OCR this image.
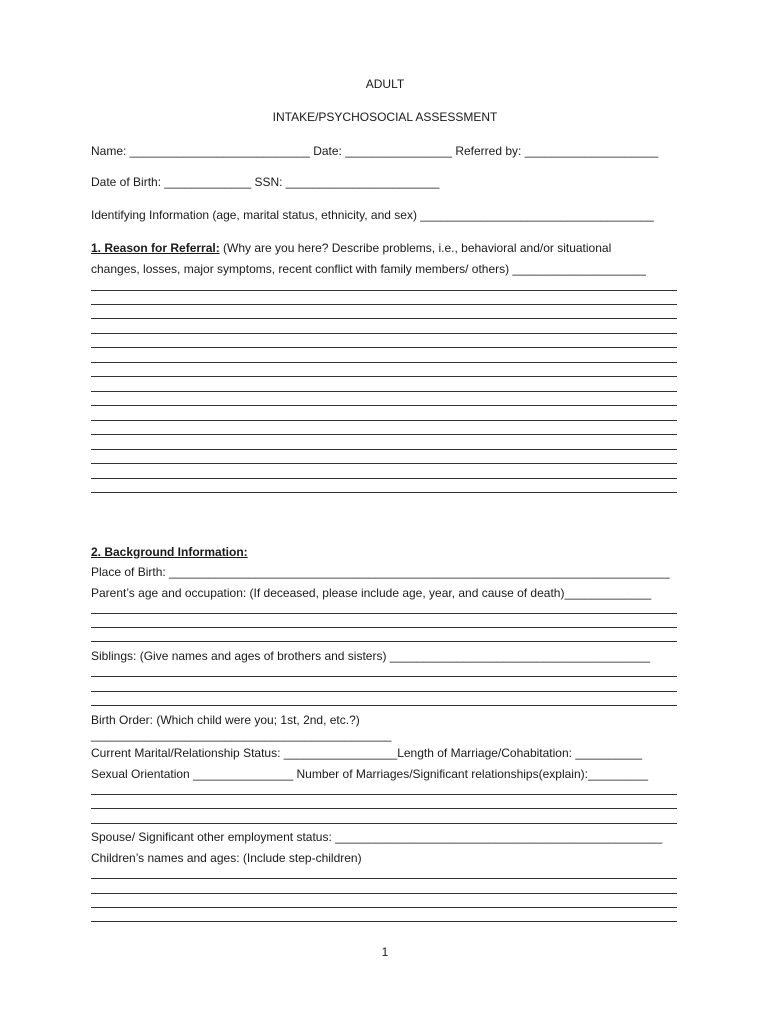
ADULT
INTAKE/PSYCHOSOCIAL ASSESSMENT
Name: ___________________________ Date: ________________ Referred by: ____________________
Date of Birth: _____________ SSN: _______________________
Identifying Information (age, marital status, ethnicity, and sex) ___________________________________
1. Reason for Referral: (Why are you here? Describe problems, i.e., behavioral and/or situational
changes, losses, major symptoms, recent conflict with family members/ others) ____________________
2. Background Information:
Place of Birth: ___________________________________________________________________________
Parent’s age and occupation: (If deceased, please include age, year, and cause of death)_____________
Siblings: (Give names and ages of brothers and sisters) _______________________________________
Birth Order: (Which child were you; 1st, 2nd, etc.?)
_____________________________________________
Current Marital/Relationship Status: _________________Length of Marriage/Cohabitation: __________
Sexual Orientation _______________ Number of Marriages/Significant relationships(explain):_________
Spouse/ Significant other employment status: _________________________________________________
Children’s names and ages: (Include step-children)
1
